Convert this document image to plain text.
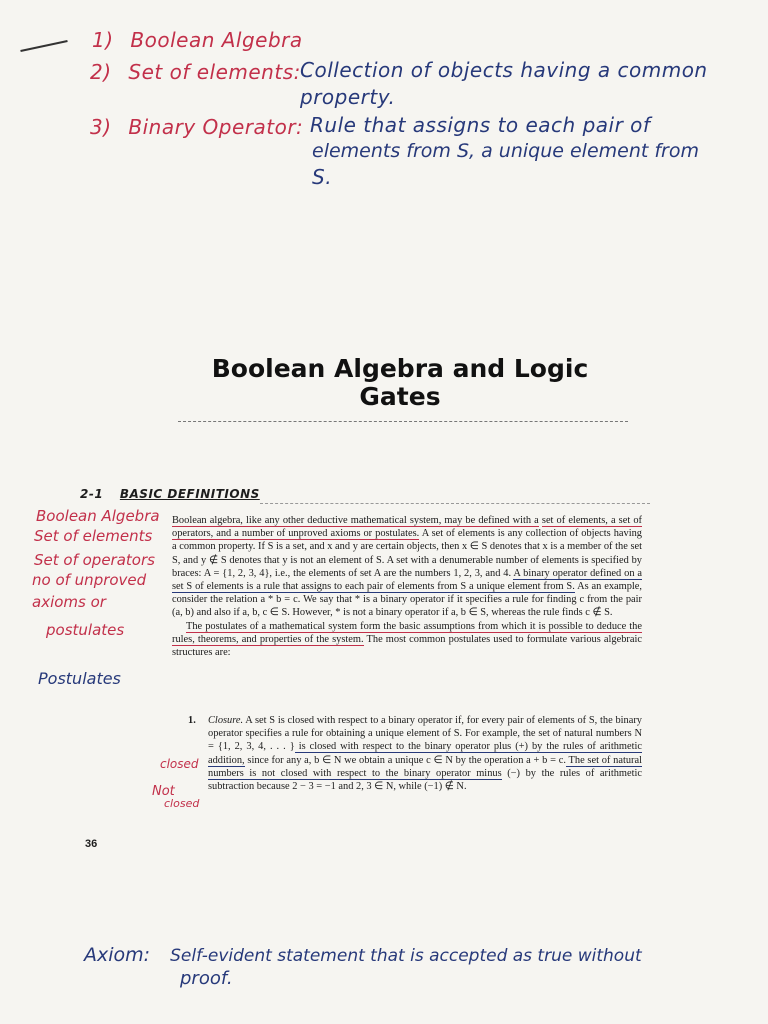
1) Boolean Algebra
2) Set of elements: Collection of objects having a common
property.
3) Binary Operator: Rule that assigns to each pair of
elements from S, a unique element from
S.
Boolean Algebra and Logic
Gates
2-1 BASIC DEFINITIONS
Boolean Algebra
Set of elements
Set of operators
no of unproved
axioms or
postulates
Postulates
closed
Not
closed

Boolean algebra, like any other deductive mathematical system, may be defined with a set of elements, a set of operators, and a number of unproved axioms or postulates. A set of elements is any collection of objects having a common property. If S is a set, and x and y are certain objects, then x ∈ S denotes that x is a member of the set S, and y ∉ S denotes that y is not an element of S. A set with a denumerable number of elements is specified by braces: A = {1, 2, 3, 4}, i.e., the elements of set A are the numbers 1, 2, 3, and 4. A binary operator defined on a set S of elements is a rule that assigns to each pair of elements from S a unique element from S. As an example, consider the relation a * b = c. We say that * is a binary operator if it specifies a rule for finding c from the pair (a, b) and also if a, b, c ∈ S. However, * is not a binary operator if a, b ∈ S, whereas the rule finds c ∉ S.

The postulates of a mathematical system form the basic assumptions from which it is possible to deduce the rules, theorems, and properties of the system. The most common postulates used to formulate various algebraic structures are:

1. Closure. A set S is closed with respect to a binary operator if, for every pair of elements of S, the binary operator specifies a rule for obtaining a unique element of S. For example, the set of natural numbers N = {1, 2, 3, 4, . . . } is closed with respect to the binary operator plus (+) by the rules of arithmetic addition, since for any a, b ∈ N we obtain a unique c ∈ N by the operation a + b = c. The set of natural numbers is not closed with respect to the binary operator minus (−) by the rules of arithmetic subtraction because 2 − 3 = −1 and 2, 3 ∈ N, while (−1) ∉ N.
36
Axiom: Self-evident statement that is accepted as true without
proof.
